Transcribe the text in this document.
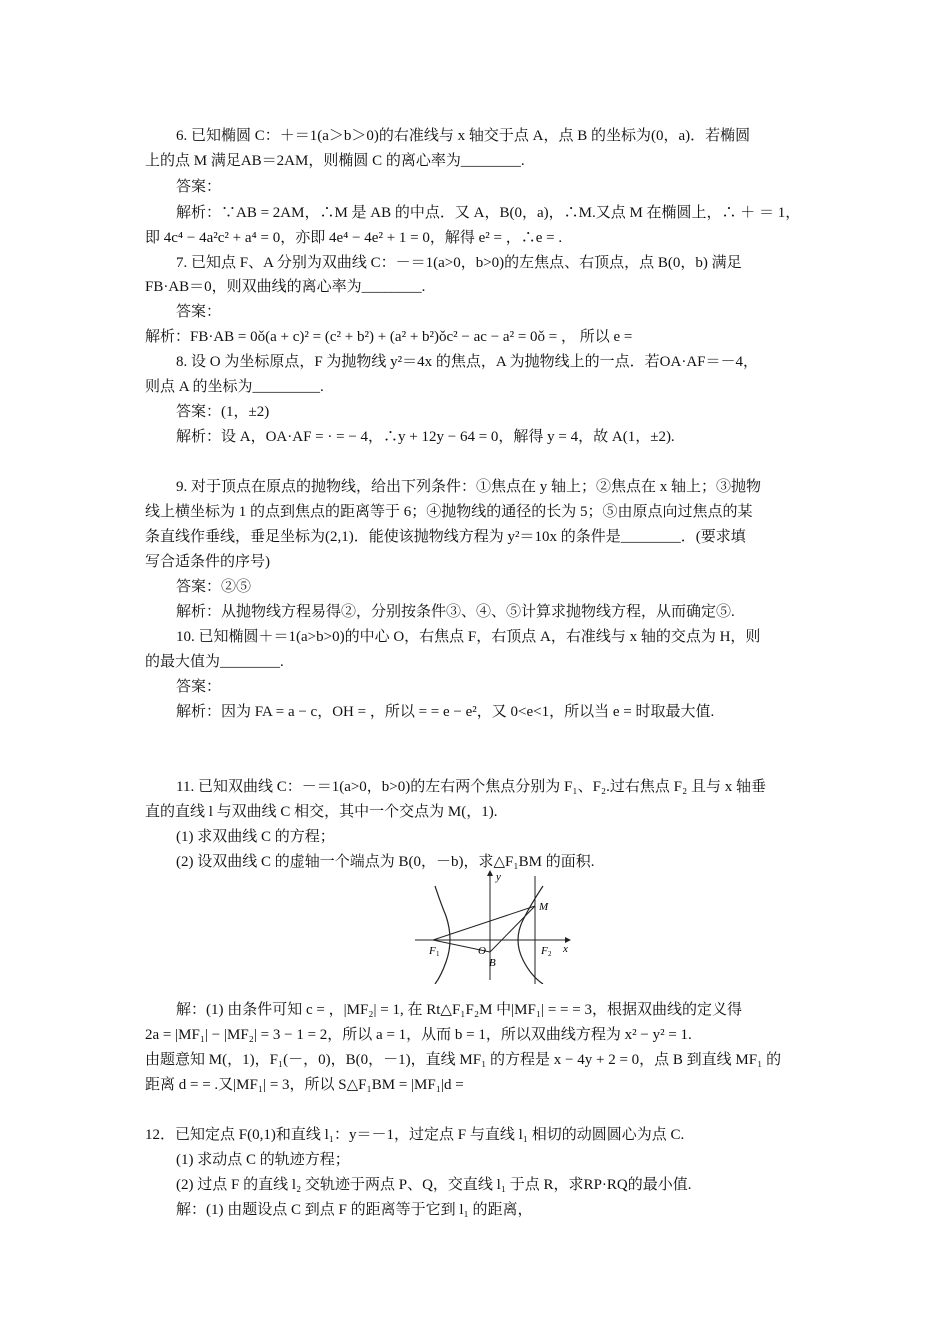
6. 已知椭圆 C：＋＝1(a＞b＞0)的右准线与 x 轴交于点 A，点 B 的坐标为(0，a)．若椭圆
上的点 M 满足AB＝2AM，则椭圆 C 的离心率为________.
答案：
解析：∵AB = 2AM，∴M 是 AB 的中点．又 A，B(0，a)，∴M.又点 M 在椭圆上，∴ ＋ ＝ 1，
即 4c⁴ − 4a²c² + a⁴ = 0，亦即 4e⁴ − 4e² + 1 = 0，解得 e² = ，∴e = .
7. 已知点 F、A 分别为双曲线 C：－＝1(a>0，b>0)的左焦点、右顶点，点 B(0，b) 满足
FB·AB＝0，则双曲线的离心率为________.
答案：
解析：FB·AB = 0ǒ(a + c)² = (c² + b²) + (a² + b²)ǒc² − ac − a² = 0ǒ = ， 所以 e =
8. 设 O 为坐标原点，F 为抛物线 y²＝4x 的焦点，A 为抛物线上的一点．若OA·AF＝－4，
则点 A 的坐标为_________.
答案：(1，±2)
解析：设 A，OA·AF = · = − 4，∴y + 12y − 64 = 0，解得 y = 4，故 A(1，±2).
9. 对于顶点在原点的抛物线，给出下列条件：①焦点在 y 轴上；②焦点在 x 轴上；③抛物
线上横坐标为 1 的点到焦点的距离等于 6；④抛物线的通径的长为 5；⑤由原点向过焦点的某
条直线作垂线，垂足坐标为(2,1)．能使该抛物线方程为 y²＝10x 的条件是________．(要求填
写合适条件的序号)
答案：②⑤
解析：从抛物线方程易得②，分别按条件③、④、⑤计算求抛物线方程，从而确定⑤.
10. 已知椭圆＋＝1(a>b>0)的中心 O，右焦点 F，右顶点 A，右准线与 x 轴的交点为 H，则
的最大值为________.
答案：
解析：因为 FA = a − c，OH = ，所以 = = e − e²，又 0<e<1，所以当 e = 时取最大值.
11. 已知双曲线 C：－＝1(a>0，b>0)的左右两个焦点分别为 F₁、F₂.过右焦点 F₂ 且与 x 轴垂
直的直线 l 与双曲线 C 相交，其中一个交点为 M(，1).
(1) 求双曲线 C 的方程；
(2) 设双曲线 C 的虚轴一个端点为 B(0，－b)，求△F₁BM 的面积.
解：(1) 由条件可知 c = ，|MF₂| = 1, 在 Rt△F₁F₂M 中|MF₁| = = = 3，根据双曲线的定义得
2a = |MF₁| − |MF₂| = 3 − 1 = 2，所以 a = 1，从而 b = 1，所以双曲线方程为 x² − y² = 1.
由题意知 M(，1)，F₁(－，0)，B(0，－1)，直线 MF₁ 的方程是 x − 4y + 2 = 0，点 B 到直线 MF₁ 的
距离 d = = .又|MF₁| = 3，所以 S△F₁BM = |MF₁|d =
12．已知定点 F(0,1)和直线 l₁：y＝－1，过定点 F 与直线 l₁ 相切的动圆圆心为点 C.
(1) 求动点 C 的轨迹方程；
(2) 过点 F 的直线 l₂ 交轨迹于两点 P、Q，交直线 l₁ 于点 R，求RP·RQ的最小值.
解：(1) 由题设点 C 到点 F 的距离等于它到 l₁ 的距离，
y
x
M
F 1	O	F 2
B
